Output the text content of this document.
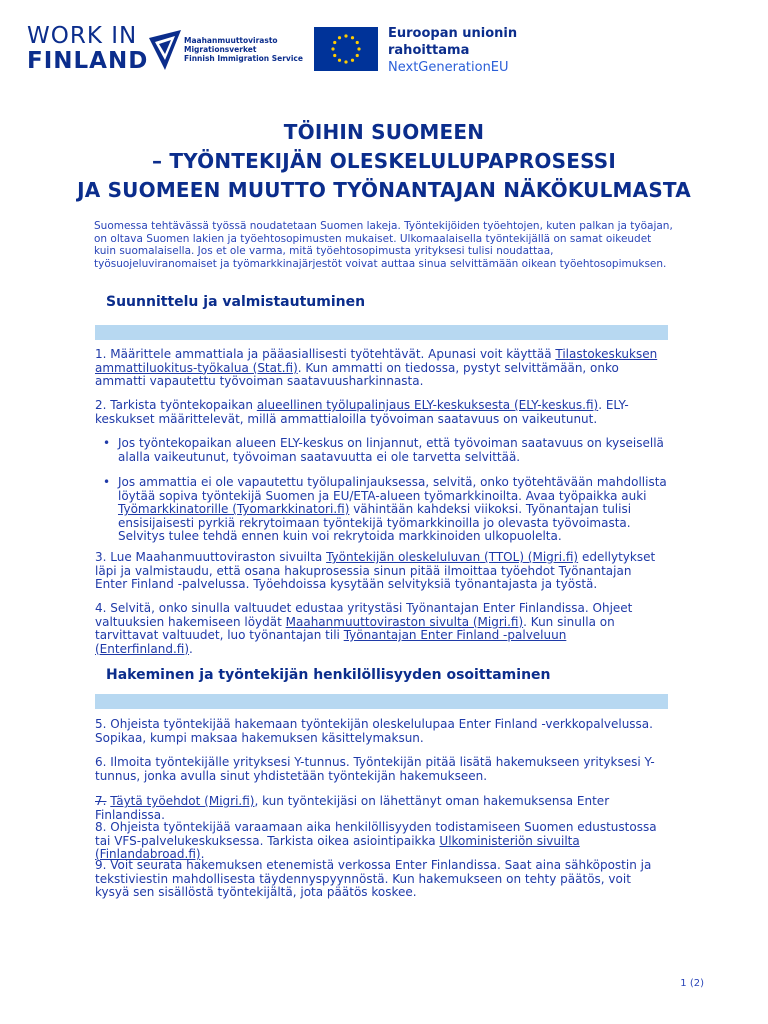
WORK IN
FINLAND
Maahanmuuttovirasto
Migrationsverket
Finnish Immigration Service
Euroopan unionin
rahoittama
NextGenerationEU
TÖIHIN SUOMEEN
– TYÖNTEKIJÄN OLESKELULUPAPROSESSI
JA SUOMEEN MUUTTO TYÖNANTAJAN NÄKÖKULMASTA
Suomessa tehtävässä työssä noudatetaan Suomen lakeja. Työntekijöiden työehtojen, kuten palkan ja työajan, on oltava Suomen lakien ja työehtosopimusten mukaiset. Ulkomaalaisella työntekijällä on samat oikeudet kuin suomalaisella. Jos et ole varma, mitä työehtosopimusta yrityksesi tulisi noudattaa, työsuojeluviranomaiset ja työmarkkinajärjestöt voivat auttaa sinua selvittämään oikean työehtosopimuksen.
Suunnittelu ja valmistautuminen
1. Määrittele ammattiala ja pääasiallisesti työtehtävät. Apunasi voit käyttää Tilastokeskuksen ammattiluokitus-työkalua (Stat.fi). Kun ammatti on tiedossa, pystyt selvittämään, onko ammatti vapautettu työvoiman saatavuusharkinnasta.
2. Tarkista työntekopaikan alueellinen työlupalinjaus ELY-keskuksesta (ELY-keskus.fi). ELY-keskukset määrittelevät, millä ammattialoilla työvoiman saatavuus on vaikeutunut.
• Jos työntekopaikan alueen ELY-keskus on linjannut, että työvoiman saatavuus on kyseisellä alalla vaikeutunut, työvoiman saatavuutta ei ole tarvetta selvittää.
• Jos ammattia ei ole vapautettu työlupalinjauksessa, selvitä, onko työtehtävään mahdollista löytää sopiva työntekijä Suomen ja EU/ETA-alueen työmarkkinoilta. Avaa työpaikka auki Työmarkkinatorille (Tyomarkkinatori.fi) vähintään kahdeksi viikoksi. Työnantajan tulisi ensisijaisesti pyrkiä rekrytoimaan työntekijä työmarkkinoilla jo olevasta työvoimasta. Selvitys tulee tehdä ennen kuin voi rekrytoida markkinoiden ulkopuolelta.
3. Lue Maahanmuuttoviraston sivuilta Työntekijän oleskeluluvan (TTOL) (Migri.fi) edellytykset läpi ja valmistaudu, että osana hakuprosessia sinun pitää ilmoittaa työehdot Työnantajan Enter Finland -palvelussa. Työehdoissa kysytään selvityksiä työnantajasta ja työstä.
4. Selvitä, onko sinulla valtuudet edustaa yritystäsi Työnantajan Enter Finlandissa. Ohjeet valtuuksien hakemiseen löydät Maahanmuuttoviraston sivulta (Migri.fi). Kun sinulla on tarvittavat valtuudet, luo työnantajan tili Työnantajan Enter Finland -palveluun (Enterfinland.fi).
Hakeminen ja työntekijän henkilöllisyyden osoittaminen
5. Ohjeista työntekijää hakemaan työntekijän oleskelulupaa Enter Finland -verkkopalvelussa. Sopikaa, kumpi maksaa hakemuksen käsittelymaksun.
6. Ilmoita työntekijälle yrityksesi Y-tunnus. Työntekijän pitää lisätä hakemukseen yrityksesi Y-tunnus, jonka avulla sinut yhdistetään työntekijän hakemukseen.
7. Täytä työehdot (Migri.fi), kun työntekijäsi on lähettänyt oman hakemuksensa Enter Finlandissa.
8. Ohjeista työntekijää varaamaan aika henkilöllisyyden todistamiseen Suomen edustustossa tai VFS-palvelukeskuksessa. Tarkista oikea asiointipaikka Ulkoministeriön sivuilta (Finlandabroad.fi).
9. Voit seurata hakemuksen etenemistä verkossa Enter Finlandissa. Saat aina sähköpostin ja tekstiviestin mahdollisesta täydennyspyynnöstä. Kun hakemukseen on tehty päätös, voit kysyä sen sisällöstä työntekijältä, jota päätös koskee.
1 (2)
